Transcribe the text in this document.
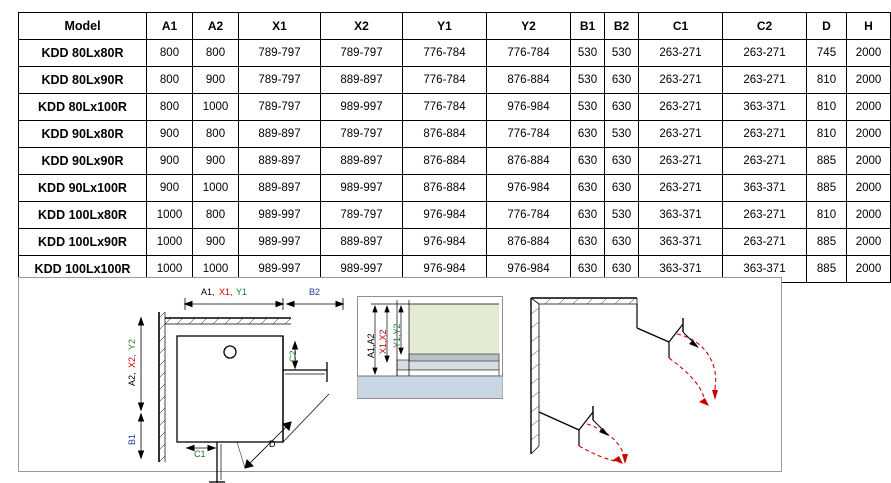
Model	A1	A2	X1	X2	Y1	Y2	B1	B2	C1	C2	D	H
KDD 80Lx80R	800	800	789-797	789-797	776-784	776-784	530	530	263-271	263-271	745	2000
KDD 80Lx90R	800	900	789-797	889-897	776-784	876-884	530	630	263-271	263-271	810	2000
KDD 80Lx100R	800	1000	789-797	989-997	776-784	976-984	530	630	263-271	363-371	810	2000
KDD 90Lx80R	900	800	889-897	789-797	876-884	776-784	630	530	263-271	263-271	810	2000
KDD 90Lx90R	900	900	889-897	889-897	876-884	876-884	630	630	263-271	263-271	885	2000
KDD 90Lx100R	900	1000	889-897	989-997	876-884	976-984	630	630	263-271	363-371	885	2000
KDD 100Lx80R	1000	800	989-997	789-797	976-984	776-784	630	530	363-371	263-271	810	2000
KDD 100Lx90R	1000	900	989-997	889-897	976-984	876-884	630	630	363-371	263-271	885	2000
KDD 100Lx100R	1000	1000	989-997	989-997	976-984	976-984	630	630	363-371	363-371	885	2000
A1, X1, Y1	B2
A2,
X2,
Y2
B1
C1
C2
D
A1,A2 X1,X2 Y1,Y2
